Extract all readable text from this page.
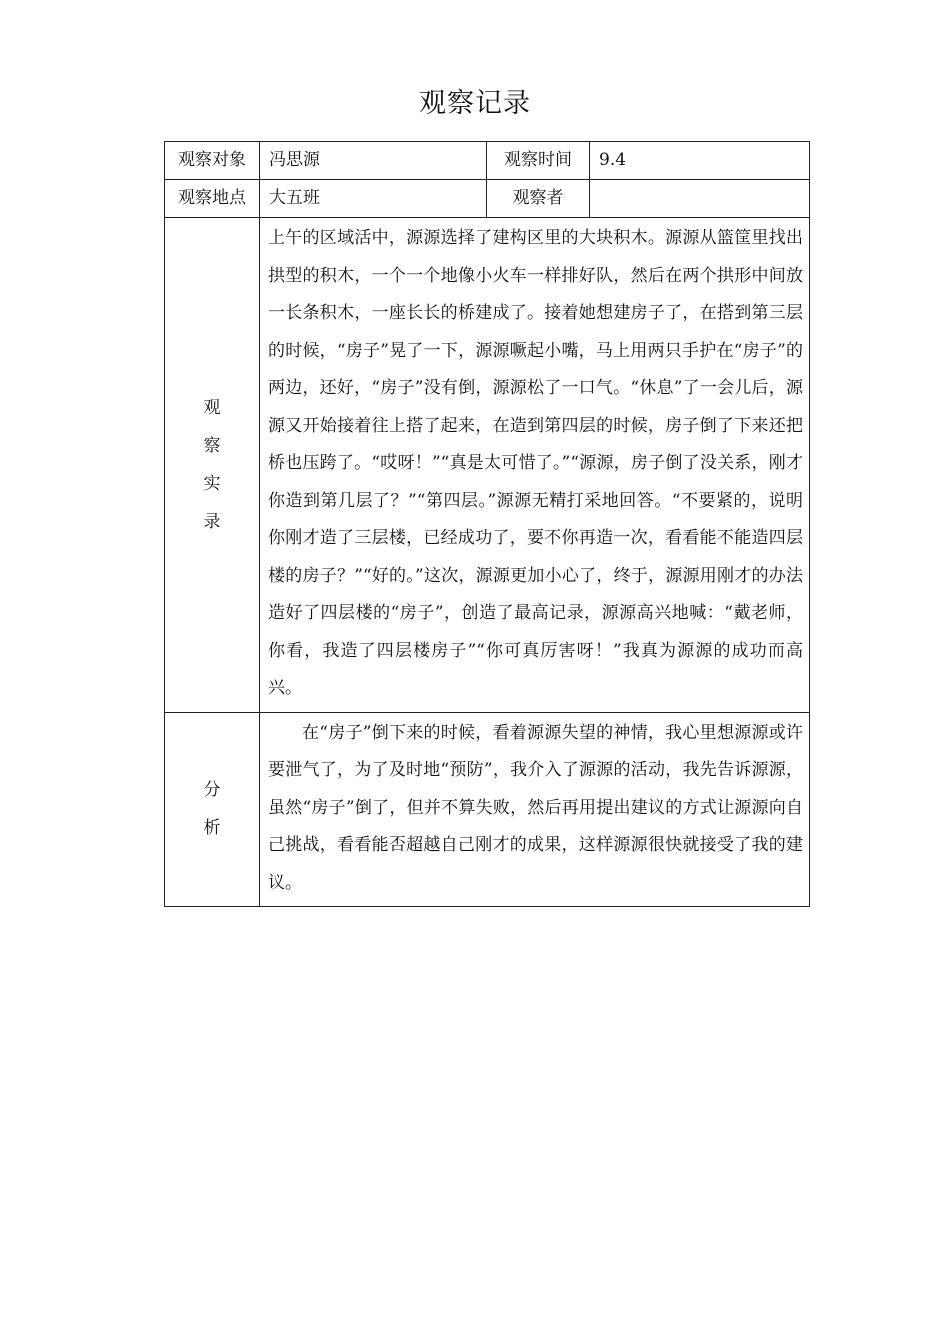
观察记录
观察对象	冯思源	观察时间	9.4
观察地点	大五班	观察者	
观察实录	上午的区域活中，源源选择了建构区里的大块积木。源源从篮筐里找出拱型的积木，一个一个地像小火车一样排好队，然后在两个拱形中间放一长条积木，一座长长的桥建成了。接着她想建房子了，在搭到第三层的时候，“房子”晃了一下，源源噘起小嘴，马上用两只手护在“房子”的两边，还好，“房子”没有倒，源源松了一口气。“休息”了一会儿后，源源又开始接着往上搭了起来，在造到第四层的时候，房子倒了下来还把桥也压跨了。“哎呀！”“真是太可惜了。”“源源，房子倒了没关系，刚才你造到第几层了？”“第四层。”源源无精打采地回答。“不要紧的，说明你刚才造了三层楼，已经成功了，要不你再造一次，看看能不能造四层楼的房子？”“好的。”这次，源源更加小心了，终于，源源用刚才的办法造好了四层楼的“房子”，创造了最高记录，源源高兴地喊：“戴老师，你看，我造了四层楼房子”“你可真厉害呀！”我真为源源的成功而高兴。		
分析	在“房子”倒下来的时候，看着源源失望的神情，我心里想源源或许要泄气了，为了及时地“预防”，我介入了源源的活动，我先告诉源源，虽然“房子”倒了，但并不算失败，然后再用提出建议的方式让源源向自己挑战，看看能否超越自己刚才的成果，这样源源很快就接受了我的建议。		
